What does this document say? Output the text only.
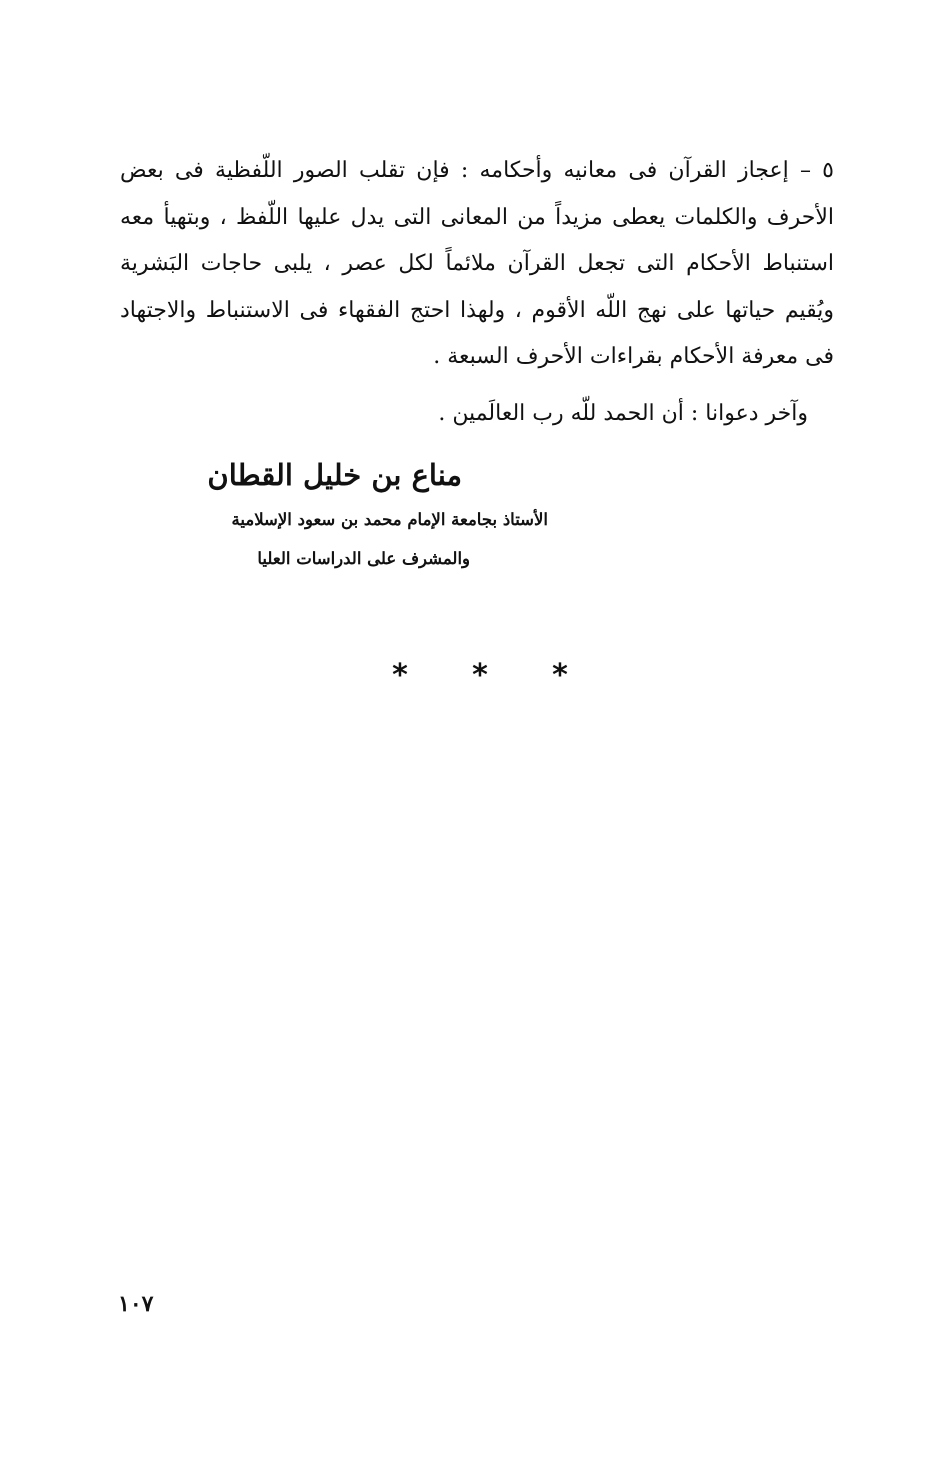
٥ – إعجاز القرآن فى معانيه وأحكامه : فإن تقلب الصور اللّفظية فى بعض الأحرف والكلمات يعطى مزيداً من المعانى التى يدل عليها اللّفظ ، وبتهيأ معه استنباط الأحكام التى تجعل القرآن ملائماً لكل عصر ، يلبى حاجات البَشرية ويُقيم حياتها على نهج اللّه الأقوم ، ولهذا احتج الفقهاء فى الاستنباط والاجتهاد فى معرفة الأحكام بقراءات الأحرف السبعة .

وآخر دعوانا : أن الحمد للّه رب العالَمين .

مناع بن خليل القطان
الأستاذ بجامعة الإمام محمد بن سعود الإسلامية
والمشرف على الدراسات العليا
*	*	*
١٠٧
